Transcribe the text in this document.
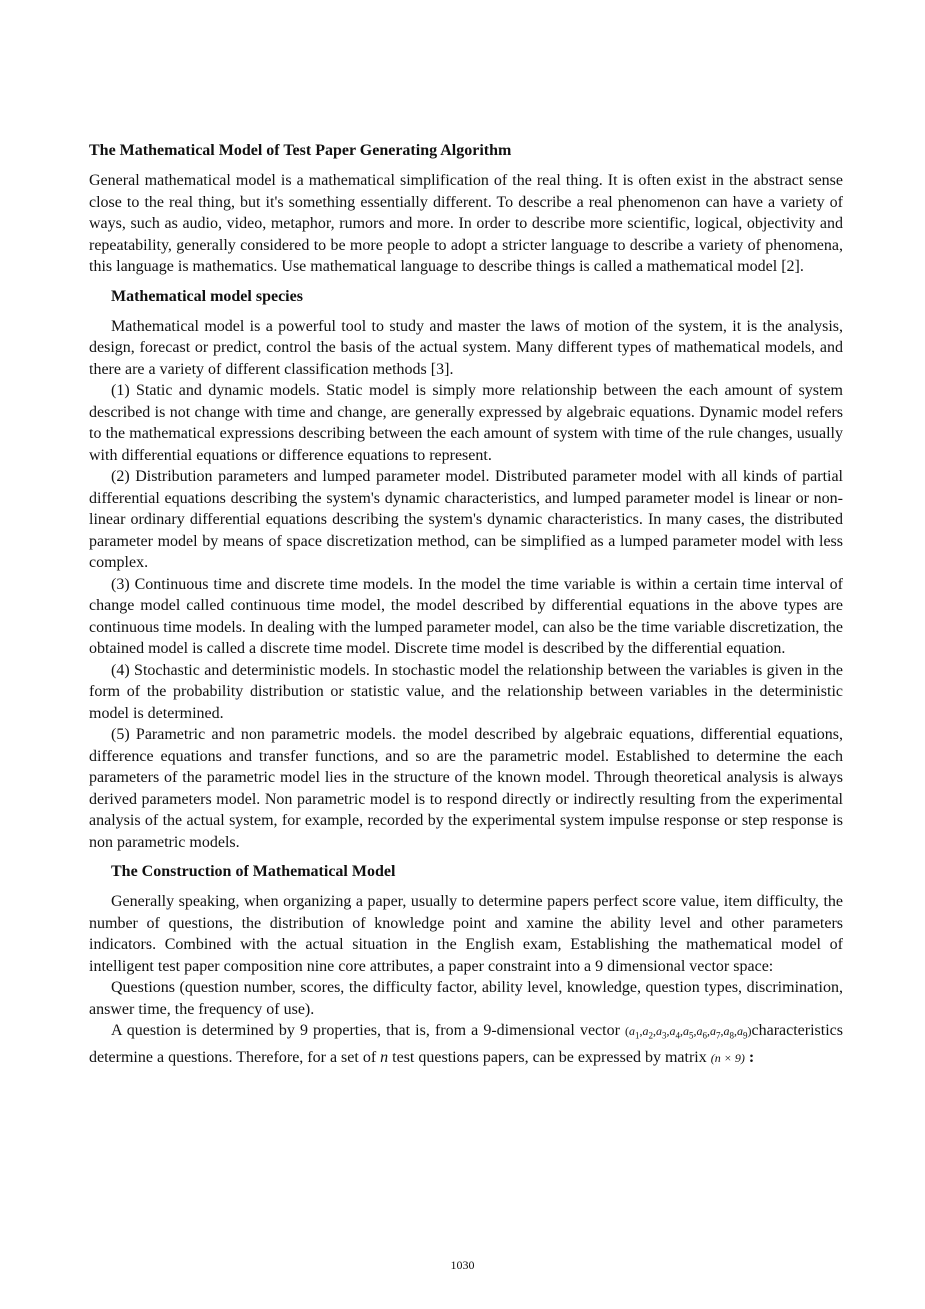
The Mathematical Model of Test Paper Generating Algorithm

General mathematical model is a mathematical simplification of the real thing. It is often exist in the abstract sense close to the real thing, but it's something essentially different. To describe a real phenomenon can have a variety of ways, such as audio, video, metaphor, rumors and more. In order to describe more scientific, logical, objectivity and repeatability, generally considered to be more people to adopt a stricter language to describe a variety of phenomena, this language is mathematics. Use mathematical language to describe things is called a mathematical model [2].

Mathematical model species

Mathematical model is a powerful tool to study and master the laws of motion of the system, it is the analysis, design, forecast or predict, control the basis of the actual system. Many different types of mathematical models, and there are a variety of different classification methods [3].

(1) Static and dynamic models. Static model is simply more relationship between the each amount of system described is not change with time and change, are generally expressed by algebraic equations. Dynamic model refers to the mathematical expressions describing between the each amount of system with time of the rule changes, usually with differential equations or difference equations to represent.

(2) Distribution parameters and lumped parameter model. Distributed parameter model with all kinds of partial differential equations describing the system's dynamic characteristics, and lumped parameter model is linear or non-linear ordinary differential equations describing the system's dynamic characteristics. In many cases, the distributed parameter model by means of space discretization method, can be simplified as a lumped parameter model with less complex.

(3) Continuous time and discrete time models. In the model the time variable is within a certain time interval of change model called continuous time model, the model described by differential equations in the above types are continuous time models. In dealing with the lumped parameter model, can also be the time variable discretization, the obtained model is called a discrete time model. Discrete time model is described by the differential equation.

(4) Stochastic and deterministic models. In stochastic model the relationship between the variables is given in the form of the probability distribution or statistic value, and the relationship between variables in the deterministic model is determined.

(5) Parametric and non parametric models. the model described by algebraic equations, differential equations, difference equations and transfer functions, and so are the parametric model. Established to determine the each parameters of the parametric model lies in the structure of the known model. Through theoretical analysis is always derived parameters model. Non parametric model is to respond directly or indirectly resulting from the experimental analysis of the actual system, for example, recorded by the experimental system impulse response or step response is non parametric models.

The Construction of Mathematical Model

Generally speaking, when organizing a paper, usually to determine papers perfect score value, item difficulty, the number of questions, the distribution of knowledge point and xamine the ability level and other parameters indicators. Combined with the actual situation in the English exam, Establishing the mathematical model of intelligent test paper composition nine core attributes, a paper constraint into a 9 dimensional vector space:

Questions (question number, scores, the difficulty factor, ability level, knowledge, question types, discrimination, answer time, the frequency of use).

A question is determined by 9 properties, that is, from a 9-dimensional vector $(a_1,a_2,a_3,a_4,a_5,a_6,a_7,a_8,a_9)characteristics$ determine a questions. Therefore, for a set of n test questions papers, can be expressed by matrix (n × 9) :

1030
